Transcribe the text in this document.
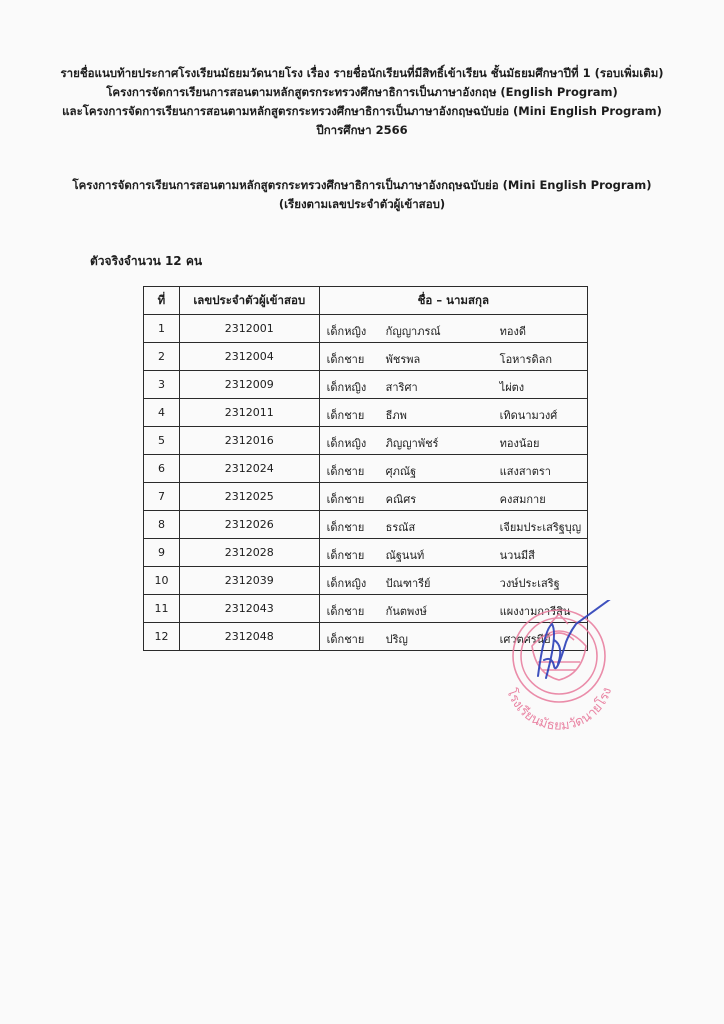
รายชื่อแนบท้ายประกาศโรงเรียนมัธยมวัดนายโรง เรื่อง รายชื่อนักเรียนที่มีสิทธิ์เข้าเรียน ชั้นมัธยมศึกษาปีที่ 1 (รอบเพิ่มเติม)
โครงการจัดการเรียนการสอนตามหลักสูตรกระทรวงศึกษาธิการเป็นภาษาอังกฤษ (English Program)
และโครงการจัดการเรียนการสอนตามหลักสูตรกระทรวงศึกษาธิการเป็นภาษาอังกฤษฉบับย่อ (Mini English Program)
ปีการศึกษา 2566
โครงการจัดการเรียนการสอนตามหลักสูตรกระทรวงศึกษาธิการเป็นภาษาอังกฤษฉบับย่อ (Mini English Program)
(เรียงตามเลขประจำตัวผู้เข้าสอบ)
ตัวจริงจำนวน 12 คน
ที่	เลขประจำตัวผู้เข้าสอบ	ชื่อ – นามสกุล
1	2312001	เด็กหญิง กัญญาภรณ์ ทองดี

2	2312004	เด็กชาย พัชรพล โอหารดิลก

3	2312009	เด็กหญิง สาริศา ไผ่ตง

4	2312011	เด็กชาย ธีภพ เทิดนามวงศ์

5	2312016	เด็กหญิง ภิญญาพัชร์ ทองน้อย

6	2312024	เด็กชาย ศุภณัฐ แสงสาตรา

7	2312025	เด็กชาย คณิศร คงสมกาย

8	2312026	เด็กชาย ธรณัส เจียมประเสริฐบุญ

9	2312028	เด็กชาย ณัฐนนท์ นวนมีสี

10	2312039	เด็กหญิง ปัณฑารีย์ วงษ์ประเสริฐ

11	2312043	เด็กชาย กันตพงษ์ แผงงามการีสิน

12	2312048	เด็กชาย ปริญ เศวตศรนีย์
โรงเรียนมัธยมวัดนายโรง
